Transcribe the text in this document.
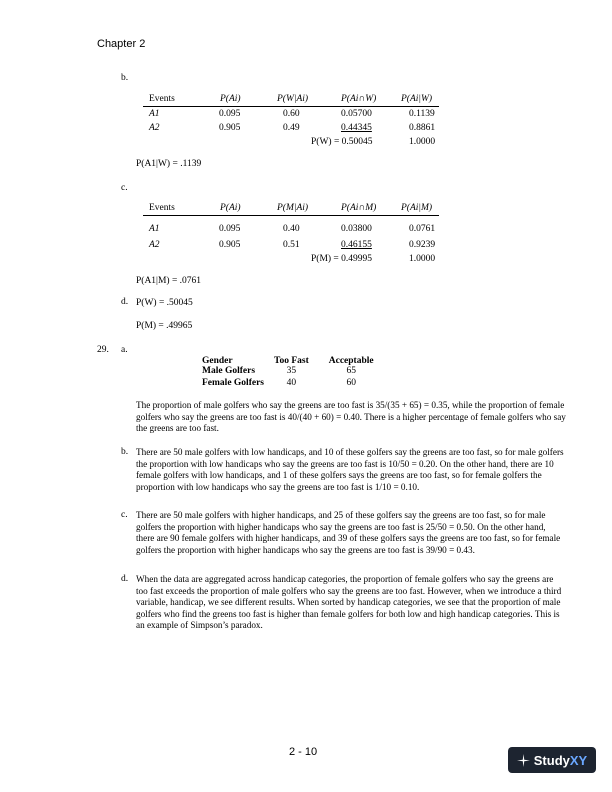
Chapter 2
b.
Events	P(Ai)	P(W|Ai)	P(Ai∩W)	P(Ai|W)
A1	0.095	0.60	0.05700	0.1139
A2	0.905	0.49	0.44345	0.8861
P(W) = 0.50045	1.0000
P(A1|W) = .1139
c.
Events	P(Ai)	P(M|Ai)	P(Ai∩M)	P(Ai|M)
A1	0.095	0.40	0.03800	0.0761
A2	0.905	0.51	0.46155	0.9239
P(M) = 0.49995	1.0000
P(A1|M) = .0761
d. P(W) = .50045
P(M) = .49965
29. a.
Gender	Too Fast	Acceptable
Male Golfers	35	65
Female Golfers	40	60
The proportion of male golfers who say the greens are too fast is 35/(35 + 65) = 0.35, while the proportion of female golfers who say the greens are too fast is 40/(40 + 60) = 0.40. There is a higher percentage of female golfers who say the greens are too fast.
b. There are 50 male golfers with low handicaps, and 10 of these golfers say the greens are too fast, so for male golfers the proportion with low handicaps who say the greens are too fast is 10/50 = 0.20. On the other hand, there are 10 female golfers with low handicaps, and 1 of these golfers says the greens are too fast, so for female golfers the proportion with low handicaps who say the greens are too fast is 1/10 = 0.10.
c. There are 50 male golfers with higher handicaps, and 25 of these golfers say the greens are too fast, so for male golfers the proportion with higher handicaps who say the greens are too fast is 25/50 = 0.50. On the other hand, there are 90 female golfers with higher handicaps, and 39 of these golfers says the greens are too fast, so for female golfers the proportion with higher handicaps who say the greens are too fast is 39/90 = 0.43.
d. When the data are aggregated across handicap categories, the proportion of female golfers who say the greens are too fast exceeds the proportion of male golfers who say the greens are too fast. However, when we introduce a third variable, handicap, we see different results. When sorted by handicap categories, we see that the proportion of male golfers who find the greens too fast is higher than female golfers for both low and high handicap categories. This is an example of Simpson’s paradox.
2 - 10
StudyXY
